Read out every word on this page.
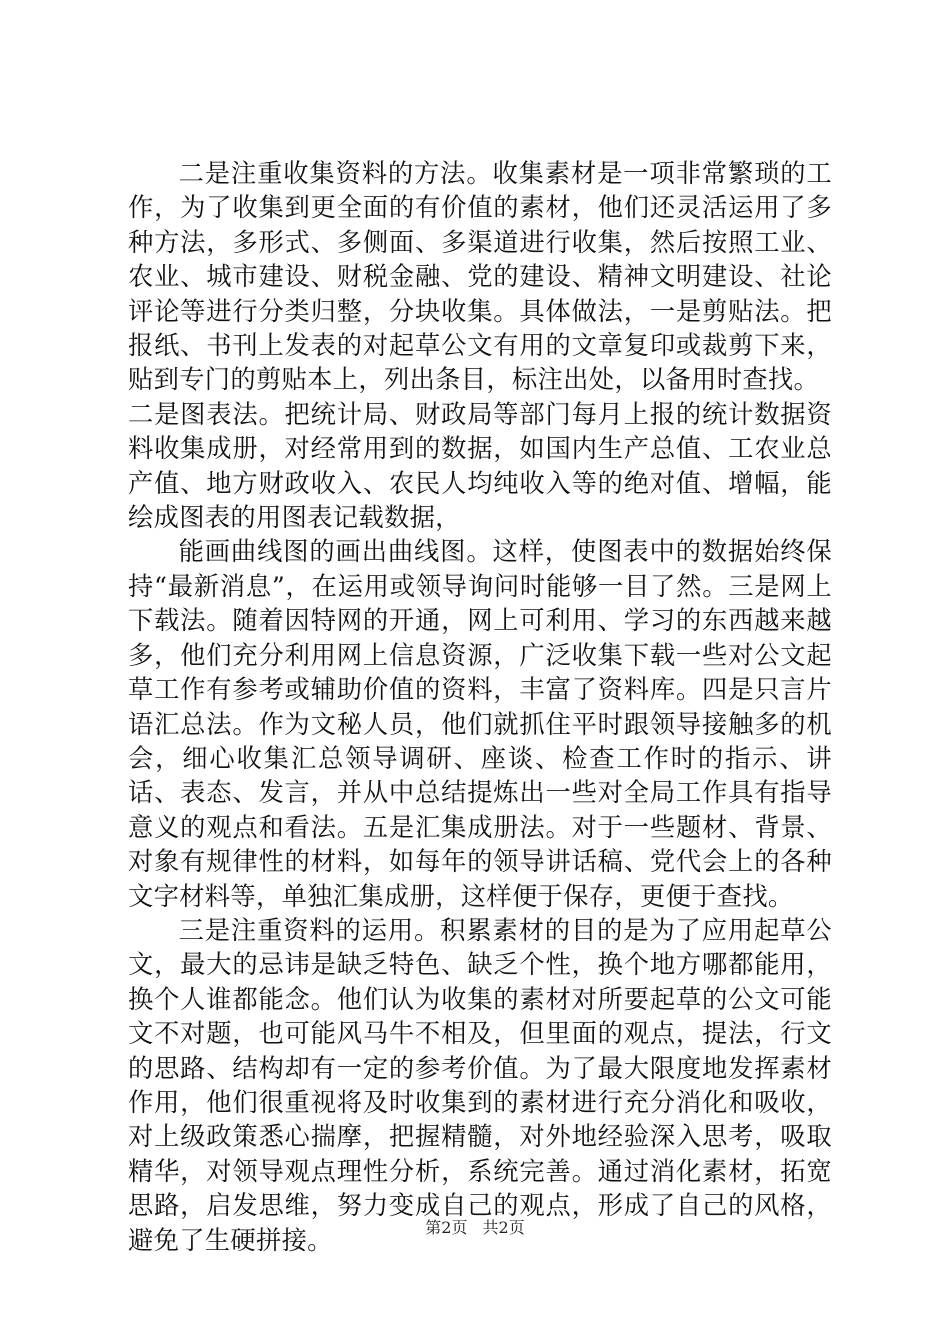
二是注重收集资料的方法。收集素材是一项非常繁琐的工作，为了收集到更全面的有价值的素材，他们还灵活运用了多种方法，多形式、多侧面、多渠道进行收集，然后按照工业、农业、城市建设、财税金融、党的建设、精神文明建设、社论评论等进行分类归整，分块收集。具体做法，一是剪贴法。把报纸、书刊上发表的对起草公文有用的文章复印或裁剪下来，贴到专门的剪贴本上，列出条目，标注出处，以备用时查找。

二是图表法。把统计局、财政局等部门每月上报的统计数据资料收集成册，对经常用到的数据，如国内生产总值、工农业总产值、地方财政收入、农民人均纯收入等的绝对值、增幅，能绘成图表的用图表记载数据，

能画曲线图的画出曲线图。这样，使图表中的数据始终保持“最新消息”，在运用或领导询问时能够一目了然。三是网上下载法。随着因特网的开通，网上可利用、学习的东西越来越多，他们充分利用网上信息资源，广泛收集下载一些对公文起草工作有参考或辅助价值的资料，丰富了资料库。四是只言片语汇总法。作为文秘人员，他们就抓住平时跟领导接触多的机会，细心收集汇总领导调研、座谈、检查工作时的指示、讲话、表态、发言，并从中总结提炼出一些对全局工作具有指导意义的观点和看法。五是汇集成册法。对于一些题材、背景、对象有规律性的材料，如每年的领导讲话稿、党代会上的各种文字材料等，单独汇集成册，这样便于保存，更便于查找。

三是注重资料的运用。积累素材的目的是为了应用起草公文，最大的忌讳是缺乏特色、缺乏个性，换个地方哪都能用，换个人谁都能念。他们认为收集的素材对所要起草的公文可能文不对题，也可能风马牛不相及，但里面的观点，提法，行文的思路、结构却有一定的参考价值。为了最大限度地发挥素材作用，他们很重视将及时收集到的素材进行充分消化和吸收，对上级政策悉心揣摩，把握精髓，对外地经验深入思考，吸取精华，对领导观点理性分析，系统完善。通过消化素材，拓宽思路，启发思维，努力变成自己的观点，形成了自己的风格，避免了生硬拼接。	第2页 共2页
